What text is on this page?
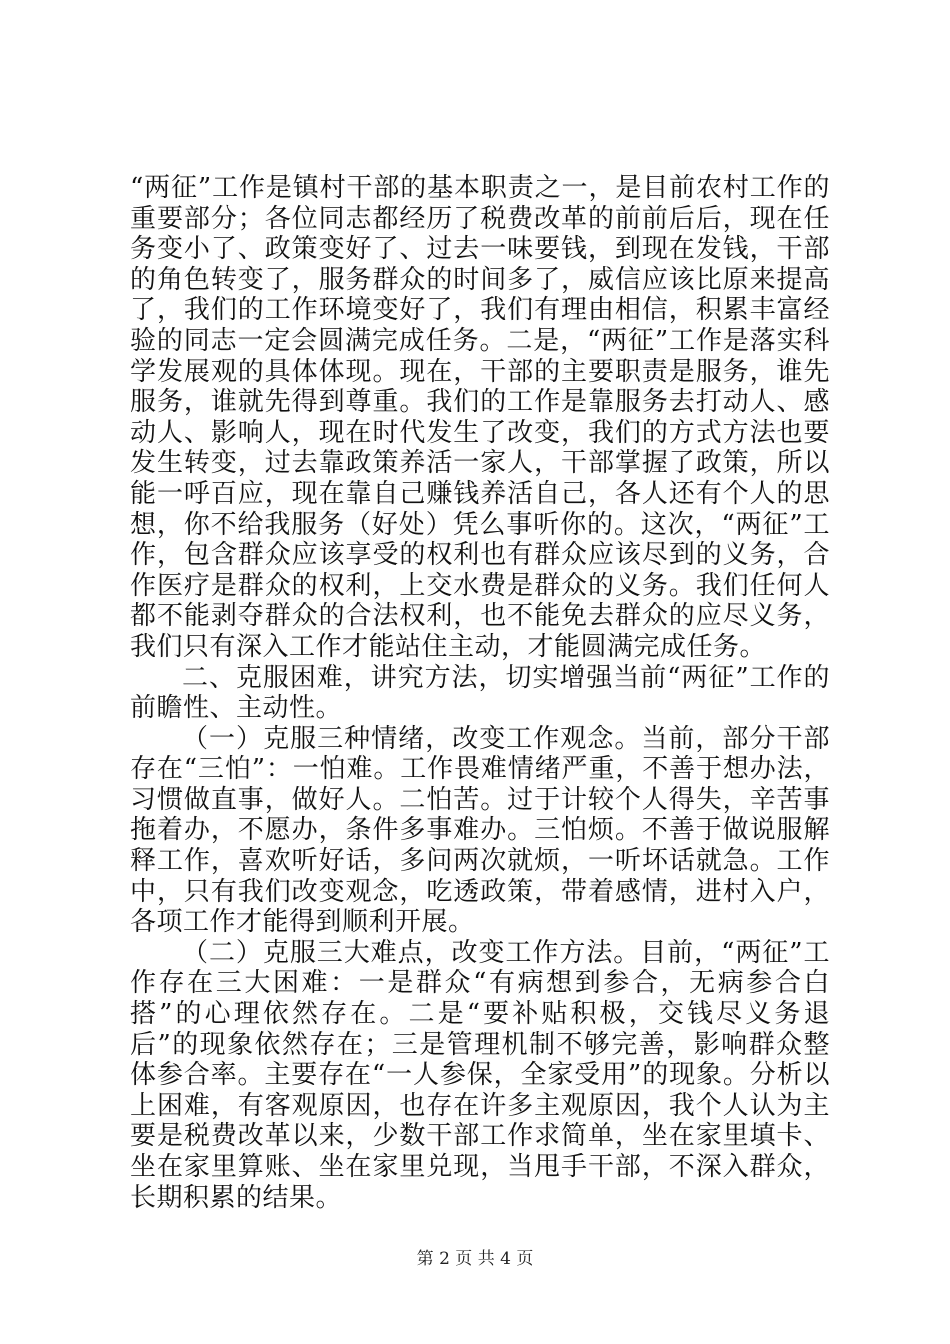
“两征”工作是镇村干部的基本职责之一，是目前农村工作的重要部分；各位同志都经历了税费改革的前前后后，现在任务变小了、政策变好了、过去一味要钱，到现在发钱，干部的角色转变了，服务群众的时间多了，威信应该比原来提高了，我们的工作环境变好了，我们有理由相信，积累丰富经验的同志一定会圆满完成任务。二是，“两征”工作是落实科学发展观的具体体现。现在，干部的主要职责是服务，谁先服务，谁就先得到尊重。我们的工作是靠服务去打动人、感动人、影响人，现在时代发生了改变，我们的方式方法也要发生转变，过去靠政策养活一家人，干部掌握了政策，所以能一呼百应，现在靠自己赚钱养活自己，各人还有个人的思想，你不给我服务（好处）凭么事听你的。这次，“两征”工作，包含群众应该享受的权利也有群众应该尽到的义务，合作医疗是群众的权利，上交水费是群众的义务。我们任何人都不能剥夺群众的合法权利，也不能免去群众的应尽义务，我们只有深入工作才能站住主动，才能圆满完成任务。

二、克服困难，讲究方法，切实增强当前“两征”工作的前瞻性、主动性。

（一）克服三种情绪，改变工作观念。当前，部分干部存在“三怕”：一怕难。工作畏难情绪严重，不善于想办法，习惯做直事，做好人。二怕苦。过于计较个人得失，辛苦事拖着办，不愿办，条件多事难办。三怕烦。不善于做说服解释工作，喜欢听好话，多问两次就烦，一听坏话就急。工作中，只有我们改变观念，吃透政策，带着感情，进村入户，各项工作才能得到顺利开展。

（二）克服三大难点，改变工作方法。目前，“两征”工作存在三大困难：一是群众“有病想到参合，无病参合白搭”的心理依然存在。二是“要补贴积极，交钱尽义务退后”的现象依然存在；三是管理机制不够完善，影响群众整体参合率。主要存在“一人参保，全家受用”的现象。分析以上困难，有客观原因，也存在许多主观原因，我个人认为主要是税费改革以来，少数干部工作求简单，坐在家里填卡、坐在家里算账、坐在家里兑现，当甩手干部，不深入群众，长期积累的结果。

第 2 页 共 4 页
